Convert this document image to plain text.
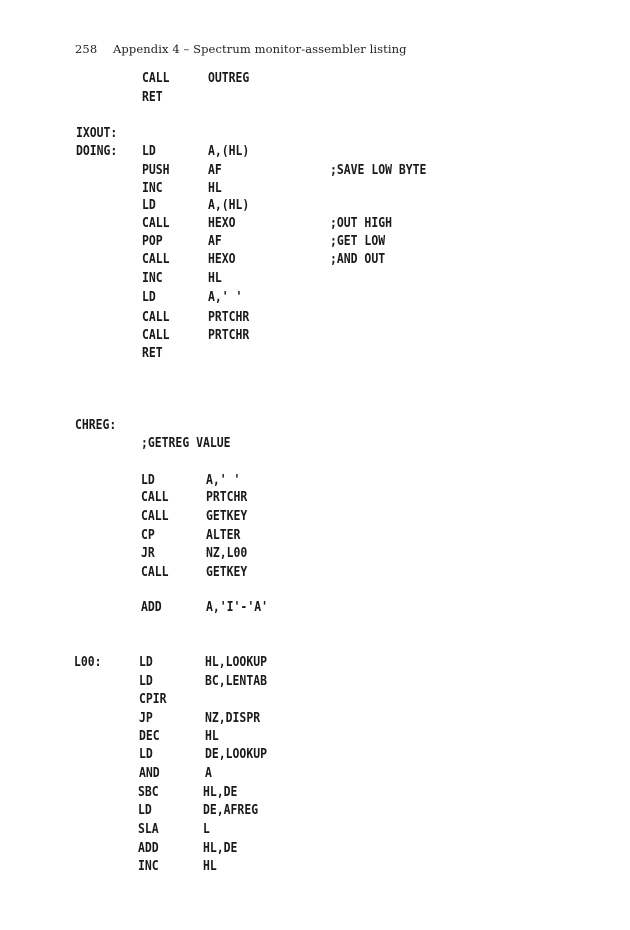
258 Appendix 4 – Spectrum monitor-assembler listing
CALL	OUTREG
RET
IXOUT:
DOING: LD	A,(HL)
PUSH	AF	;SAVE LOW BYTE
INC	HL
LD	A,(HL)
CALL	HEXO	;OUT HIGH
POP	AF	;GET LOW
CALL	HEXO	;AND OUT
INC	HL
LD	A,' '
CALL	PRTCHR
CALL	PRTCHR
RET
CHREG:
;GETREG VALUE
LD	A,' '
CALL	PRTCHR
CALL	GETKEY
CP	ALTER
JR	NZ,L00
CALL	GETKEY
ADD	A,'I'-'A'
L00:	LD	HL,LOOKUP
LD	BC,LENTAB
CPIR
JP	NZ,DISPR
DEC	HL
LD	DE,LOOKUP
AND	A
SBC	HL,DE
LD	DE,AFREG
SLA	L
ADD	HL,DE
INC	HL
